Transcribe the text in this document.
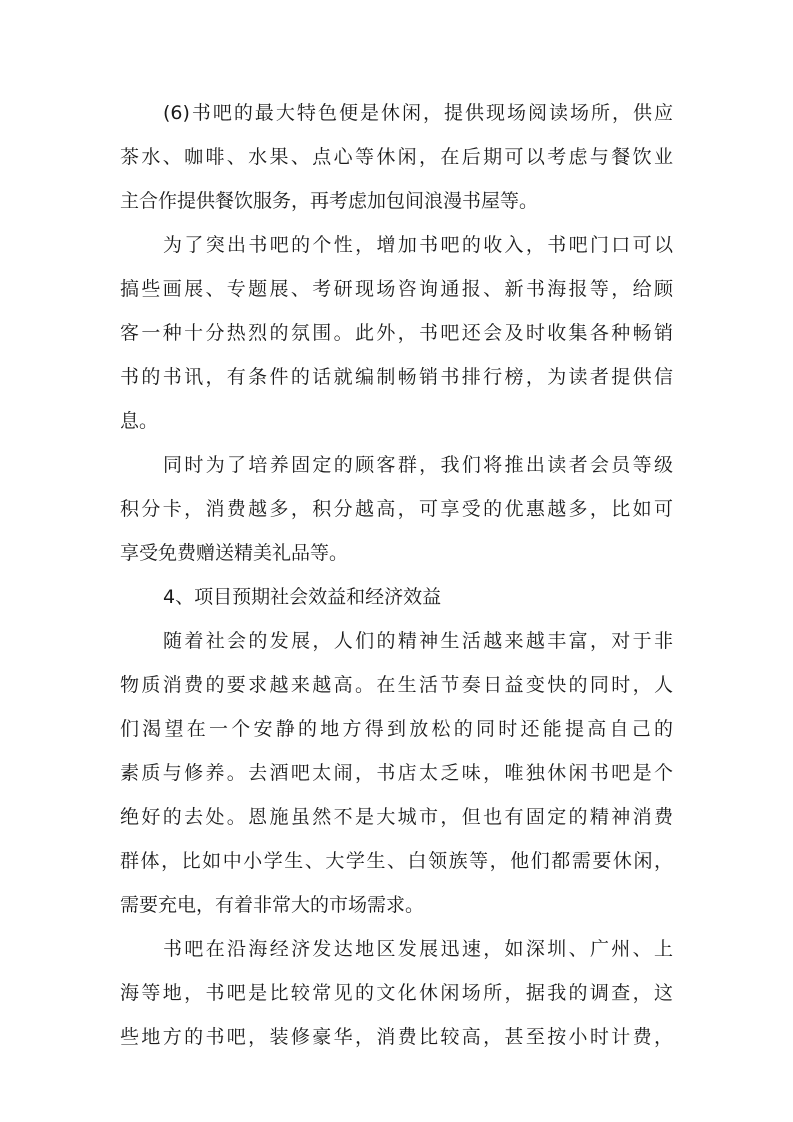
(6)书吧的最大特色便是休闲，提供现场阅读场所，供应
茶水、咖啡、水果、点心等休闲，在后期可以考虑与餐饮业
主合作提供餐饮服务，再考虑加包间浪漫书屋等。
为了突出书吧的个性，增加书吧的收入，书吧门口可以
搞些画展、专题展、考研现场咨询通报、新书海报等，给顾
客一种十分热烈的氛围。此外，书吧还会及时收集各种畅销
书的书讯，有条件的话就编制畅销书排行榜，为读者提供信
息。
同时为了培养固定的顾客群，我们将推出读者会员等级
积分卡，消费越多，积分越高，可享受的优惠越多，比如可
享受免费赠送精美礼品等。
4、项目预期社会效益和经济效益
随着社会的发展，人们的精神生活越来越丰富，对于非
物质消费的要求越来越高。在生活节奏日益变快的同时，人
们渴望在一个安静的地方得到放松的同时还能提高自己的
素质与修养。去酒吧太闹，书店太乏味，唯独休闲书吧是个
绝好的去处。恩施虽然不是大城市，但也有固定的精神消费
群体，比如中小学生、大学生、白领族等，他们都需要休闲，
需要充电，有着非常大的市场需求。
书吧在沿海经济发达地区发展迅速，如深圳、广州、上
海等地，书吧是比较常见的文化休闲场所，据我的调查，这
些地方的书吧，装修豪华，消费比较高，甚至按小时计费，
